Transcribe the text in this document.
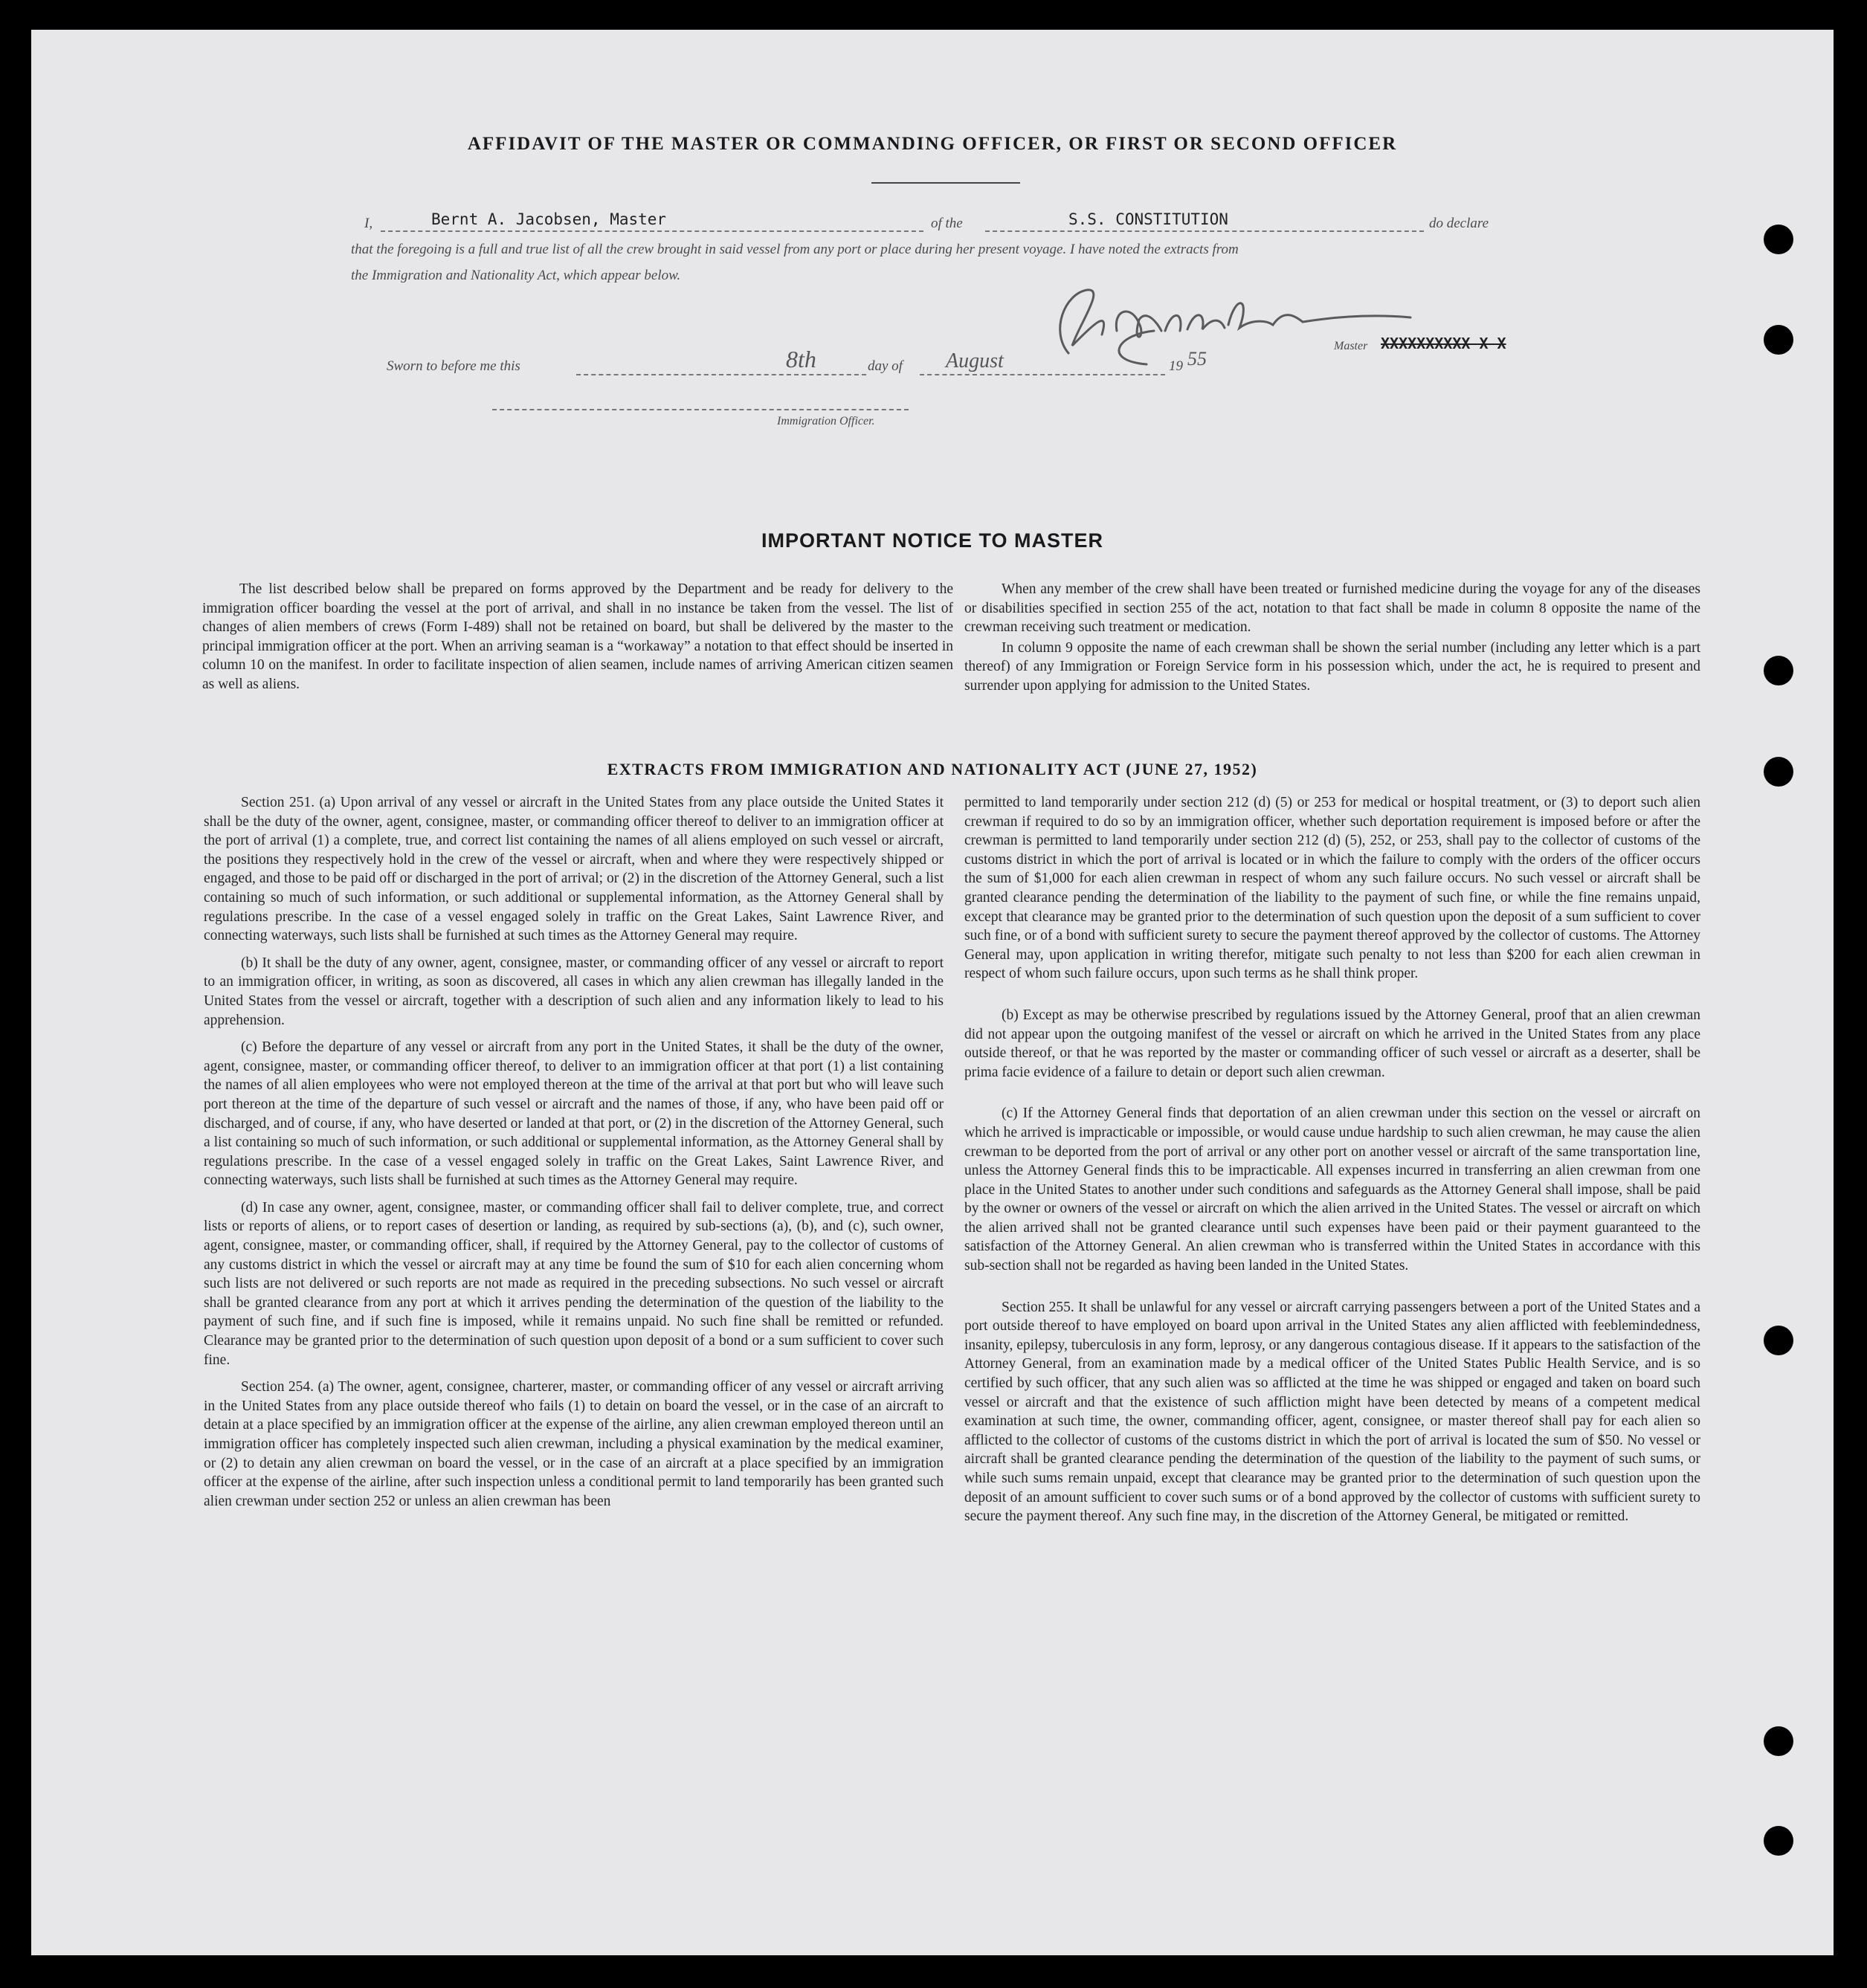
AFFIDAVIT OF THE MASTER OR COMMANDING OFFICER, OR FIRST OR SECOND OFFICER
I,	Bernt A. Jacobsen, Master	of the	S.S. CONSTITUTION	do declare
that the foregoing is a full and true list of all the crew brought in said vessel from any port or place during her present voyage. I have noted the extracts from
the Immigration and Nationality Act, which appear below.
Master XXXXXXXXXX X X
Sworn to before me this	8th	day of August	19 55
Immigration Officer.
IMPORTANT NOTICE TO MASTER

The list described below shall be prepared on forms approved by the Department and be ready for delivery to the immigration officer boarding the vessel at the port of arrival, and shall in no instance be taken from the vessel. The list of changes of alien members of crews (Form I-489) shall not be retained on board, but shall be delivered by the master to the principal immigration officer at the port. When an arriving seaman is a “workaway” a notation to that effect should be inserted in column 10 on the manifest. In order to facilitate inspection of alien seamen, include names of arriving American citizen seamen as well as aliens.

When any member of the crew shall have been treated or furnished medicine during the voyage for any of the diseases or disabilities specified in section 255 of the act, notation to that fact shall be made in column 8 opposite the name of the crewman receiving such treatment or medication.

In column 9 opposite the name of each crewman shall be shown the serial number (including any letter which is a part thereof) of any Immigration or Foreign Service form in his possession which, under the act, he is required to present and surrender upon applying for admission to the United States.

EXTRACTS FROM IMMIGRATION AND NATIONALITY ACT (JUNE 27, 1952)

Section 251. (a) Upon arrival of any vessel or aircraft in the United States from any place outside the United States it shall be the duty of the owner, agent, consignee, master, or commanding officer thereof to deliver to an immigration officer at the port of arrival (1) a complete, true, and correct list containing the names of all aliens employed on such vessel or aircraft, the positions they respectively hold in the crew of the vessel or aircraft, when and where they were respectively shipped or engaged, and those to be paid off or discharged in the port of arrival; or (2) in the discretion of the Attorney General, such a list containing so much of such information, or such additional or supplemental information, as the Attorney General shall by regulations prescribe. In the case of a vessel engaged solely in traffic on the Great Lakes, Saint Lawrence River, and connecting waterways, such lists shall be furnished at such times as the Attorney General may require.

(b) It shall be the duty of any owner, agent, consignee, master, or commanding officer of any vessel or aircraft to report to an immigration officer, in writing, as soon as discovered, all cases in which any alien crewman has illegally landed in the United States from the vessel or aircraft, together with a description of such alien and any information likely to lead to his apprehension.

(c) Before the departure of any vessel or aircraft from any port in the United States, it shall be the duty of the owner, agent, consignee, master, or commanding officer thereof, to deliver to an immigration officer at that port (1) a list containing the names of all alien employees who were not employed thereon at the time of the arrival at that port but who will leave such port thereon at the time of the departure of such vessel or aircraft and the names of those, if any, who have been paid off or discharged, and of course, if any, who have deserted or landed at that port, or (2) in the discretion of the Attorney General, such a list containing so much of such information, or such additional or supplemental information, as the Attorney General shall by regulations prescribe. In the case of a vessel engaged solely in traffic on the Great Lakes, Saint Lawrence River, and connecting waterways, such lists shall be furnished at such times as the Attorney General may require.

(d) In case any owner, agent, consignee, master, or commanding officer shall fail to deliver complete, true, and correct lists or reports of aliens, or to report cases of desertion or landing, as required by sub-sections (a), (b), and (c), such owner, agent, consignee, master, or commanding officer, shall, if required by the Attorney General, pay to the collector of customs of any customs district in which the vessel or aircraft may at any time be found the sum of $10 for each alien concerning whom such lists are not delivered or such reports are not made as required in the preceding subsections. No such vessel or aircraft shall be granted clearance from any port at which it arrives pending the determination of the question of the liability to the payment of such fine, and if such fine is imposed, while it remains unpaid. No such fine shall be remitted or refunded. Clearance may be granted prior to the determination of such question upon deposit of a bond or a sum sufficient to cover such fine.

Section 254. (a) The owner, agent, consignee, charterer, master, or commanding officer of any vessel or aircraft arriving in the United States from any place outside thereof who fails (1) to detain on board the vessel, or in the case of an aircraft to detain at a place specified by an immigration officer at the expense of the airline, any alien crewman employed thereon until an immigration officer has completely inspected such alien crewman, including a physical examination by the medical examiner, or (2) to detain any alien crewman on board the vessel, or in the case of an aircraft at a place specified by an immigration officer at the expense of the airline, after such inspection unless a conditional permit to land temporarily has been granted such alien crewman under section 252 or unless an alien crewman has been

permitted to land temporarily under section 212 (d) (5) or 253 for medical or hospital treatment, or (3) to deport such alien crewman if required to do so by an immigration officer, whether such deportation requirement is imposed before or after the crewman is permitted to land temporarily under section 212 (d) (5), 252, or 253, shall pay to the collector of customs of the customs district in which the port of arrival is located or in which the failure to comply with the orders of the officer occurs the sum of $1,000 for each alien crewman in respect of whom any such failure occurs. No such vessel or aircraft shall be granted clearance pending the determination of the liability to the payment of such fine, or while the fine remains unpaid, except that clearance may be granted prior to the determination of such question upon the deposit of a sum sufficient to cover such fine, or of a bond with sufficient surety to secure the payment thereof approved by the collector of customs. The Attorney General may, upon application in writing therefor, mitigate such penalty to not less than $200 for each alien crewman in respect of whom such failure occurs, upon such terms as he shall think proper.

(b) Except as may be otherwise prescribed by regulations issued by the Attorney General, proof that an alien crewman did not appear upon the outgoing manifest of the vessel or aircraft on which he arrived in the United States from any place outside thereof, or that he was reported by the master or commanding officer of such vessel or aircraft as a deserter, shall be prima facie evidence of a failure to detain or deport such alien crewman.

(c) If the Attorney General finds that deportation of an alien crewman under this section on the vessel or aircraft on which he arrived is impracticable or impossible, or would cause undue hardship to such alien crewman, he may cause the alien crewman to be deported from the port of arrival or any other port on another vessel or aircraft of the same transportation line, unless the Attorney General finds this to be impracticable. All expenses incurred in transferring an alien crewman from one place in the United States to another under such conditions and safeguards as the Attorney General shall impose, shall be paid by the owner or owners of the vessel or aircraft on which the alien arrived in the United States. The vessel or aircraft on which the alien arrived shall not be granted clearance until such expenses have been paid or their payment guaranteed to the satisfaction of the Attorney General. An alien crewman who is transferred within the United States in accordance with this sub-section shall not be regarded as having been landed in the United States.

Section 255. It shall be unlawful for any vessel or aircraft carrying passengers between a port of the United States and a port outside thereof to have employed on board upon arrival in the United States any alien afflicted with feeblemindedness, insanity, epilepsy, tuberculosis in any form, leprosy, or any dangerous contagious disease. If it appears to the satisfaction of the Attorney General, from an examination made by a medical officer of the United States Public Health Service, and is so certified by such officer, that any such alien was so afflicted at the time he was shipped or engaged and taken on board such vessel or aircraft and that the existence of such affliction might have been detected by means of a competent medical examination at such time, the owner, commanding officer, agent, consignee, or master thereof shall pay for each alien so afflicted to the collector of customs of the customs district in which the port of arrival is located the sum of $50. No vessel or aircraft shall be granted clearance pending the determination of the question of the liability to the payment of such sums, or while such sums remain unpaid, except that clearance may be granted prior to the determination of such question upon the deposit of an amount sufficient to cover such sums or of a bond approved by the collector of customs with sufficient surety to secure the payment thereof. Any such fine may, in the discretion of the Attorney General, be mitigated or remitted.
